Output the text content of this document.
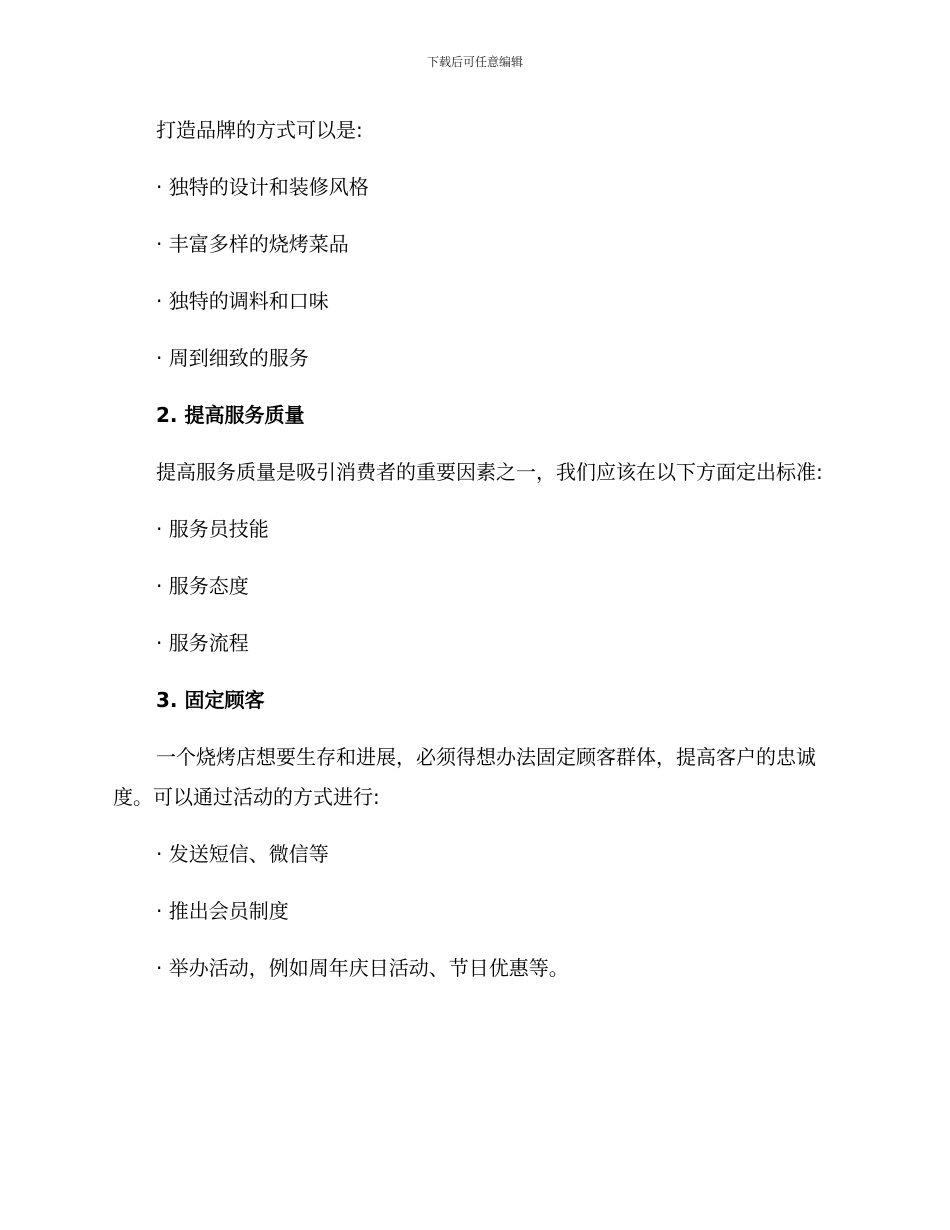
下载后可任意编辑

打造品牌的方式可以是:

· 独特的设计和装修风格

· 丰富多样的烧烤菜品

· 独特的调料和口味

· 周到细致的服务

2. 提高服务质量

提高服务质量是吸引消费者的重要因素之一，我们应该在以下方面定出标准:

· 服务员技能

· 服务态度

· 服务流程

3. 固定顾客

一个烧烤店想要生存和进展，必须得想办法固定顾客群体，提高客户的忠诚度。可以通过活动的方式进行:

· 发送短信、微信等

· 推出会员制度

· 举办活动，例如周年庆日活动、节日优惠等。
